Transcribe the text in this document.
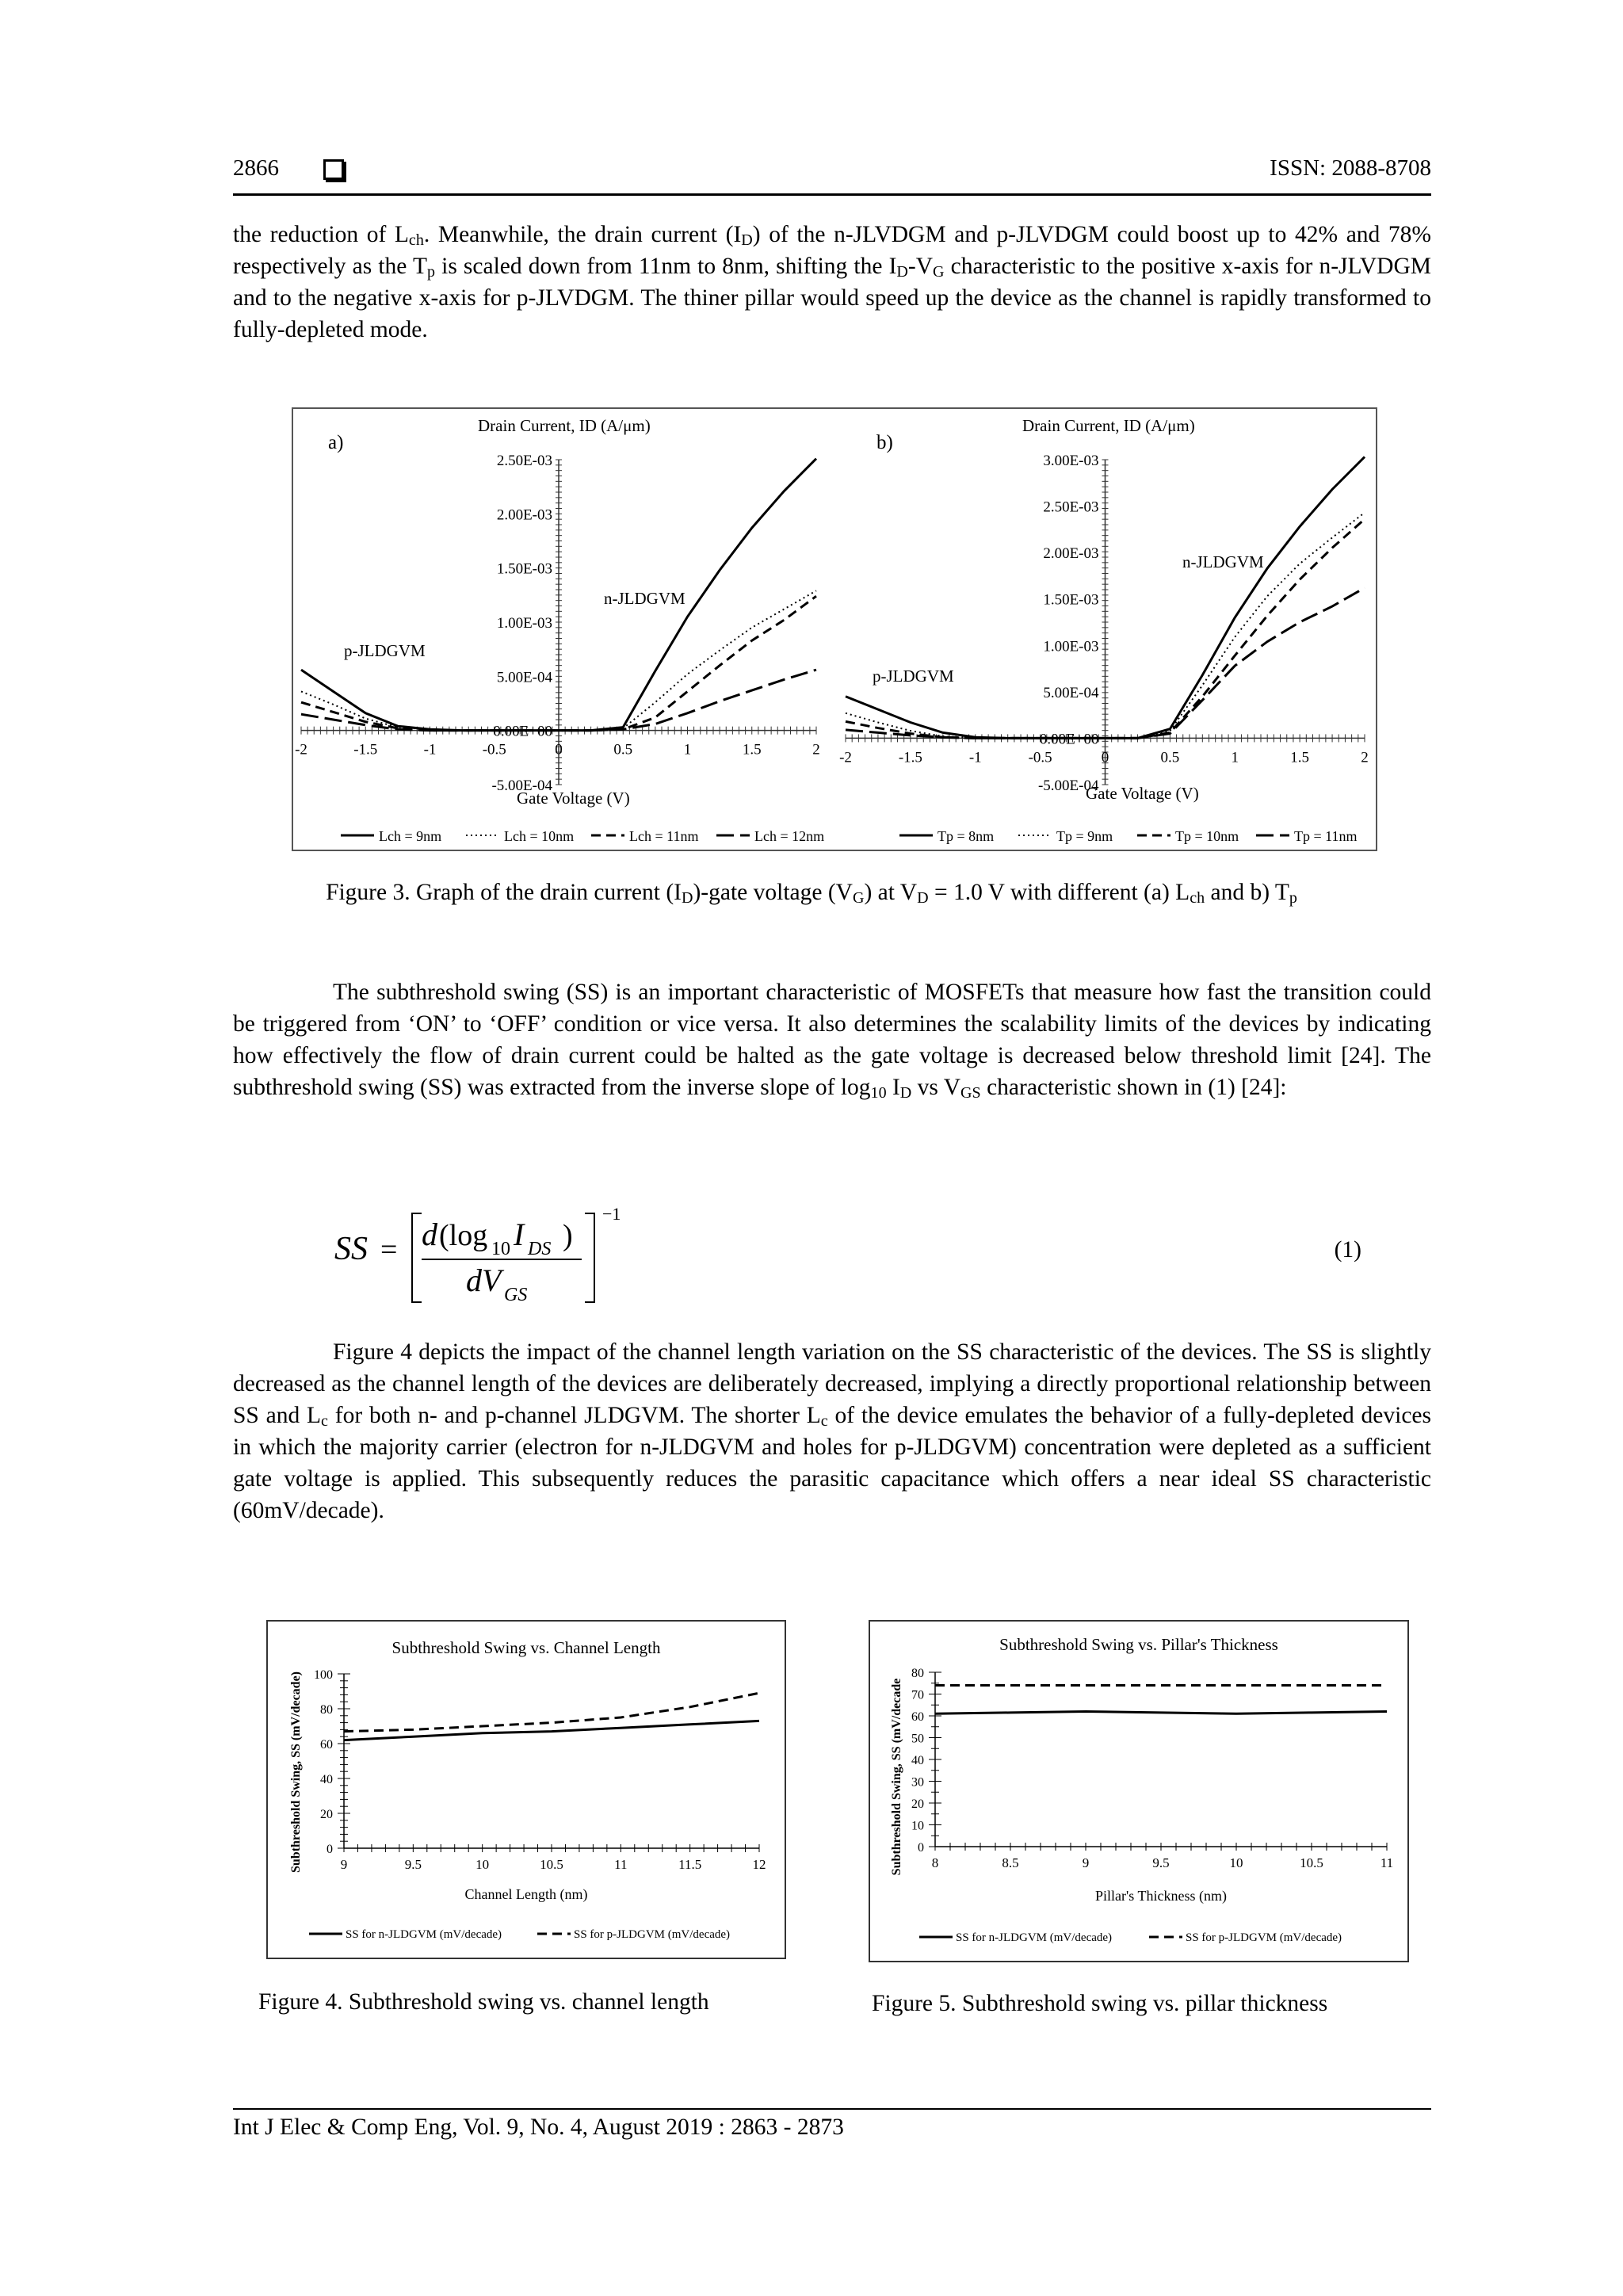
2866	ISSN: 2088-8708

the reduction of $L_{ch}$. Meanwhile, the drain current $(I_D)$ of the n-JLVDGM and p-JLVDGM could boost up to 42% and 78% respectively as the $T_p$ is scaled down from 11nm to 8nm, shifting the $I_D-V_G$ characteristic to the positive x-axis for n-JLVDGM and to the negative x-axis for p-JLVDGM. The thiner pillar would speed up the device as the channel is rapidly transformed to fully-depleted mode.

a)
Drain Current, ID (A/μm)
Gate Voltage (V)
n-JLDGVM
p-JLDGVM
2.50E-03
2.00E-03
1.50E-03
1.00E-03
5.00E-04
0.00E+00
-5.00E-04
-2	-1.5	-1	-0.5	0	0.5	1	1.5	2
b)
Drain Current, ID (A/μm)
Gate Voltage (V)
n-JLDGVM
p-JLDGVM
3.00E-03
2.50E-03
2.00E-03
1.50E-03
1.00E-03
5.00E-04
0.00E+00
-5.00E-04
-2	-1.5	-1	-0.5	0	0.5	1	1.5	2
Lch = 9nm	Lch = 10nm	Lch = 11nm	Lch = 12nm	Tp = 8nm	Tp = 9nm	Tp = 10nm	Tp = 11nm

Figure 3. Graph of the drain current $(I_D)$-gate voltage $(V_G)$ at $V_D = 1.0$ V with different (a) $L_{ch}$ and b) $T_p$

The subthreshold swing (SS) is an important characteristic of MOSFETs that measure how fast the transition could be triggered from ‘ON’ to ‘OFF’ condition or vice versa. It also determines the scalability limits of the devices by indicating how effectively the flow of drain current could be halted as the gate voltage is decreased below threshold limit [24]. The subthreshold swing (SS) was extracted from the inverse slope of $\log_{10} I_D$ vs $V_{GS}$ characteristic shown in (1) [24]:

SS =
−1
d (log 10 I DS )
dV GS
(1)

Figure 4 depicts the impact of the channel length variation on the SS characteristic of the devices. The SS is slightly decreased as the channel length of the devices are deliberately decreased, implying a directly proportional relationship between SS and $L_c$ for both n- and p-channel JLDGVM. The shorter $L_c$ of the device emulates the behavior of a fully-depleted devices in which the majority carrier (electron for n-JLDGVM and holes for p-JLDGVM) concentration were depleted as a sufficient gate voltage is applied. This subsequently reduces the parasitic capacitance which offers a near ideal SS characteristic (60mV/decade).

Subthreshold Swing vs. Channel Length
Channel Length (nm)
Subthreshold Swing, SS (mV/decade) 100
80
60
40
20
0
9	9.5	10	10.5	11	11.5	12
SS for n-JLDGVM (mV/decade)	SS for p-JLDGVM (mV/decade)
Subthreshold Swing vs. Pillar's Thickness
Pillar's Thickness (nm)
Subthreshold Swing, SS (mV/decade
80
70
60
50
40
30
20
10
0
8	8.5	9	9.5	10	10.5	11
SS for n-JLDGVM (mV/decade)	SS for p-JLDGVM (mV/decade)

Figure 4. Subthreshold swing vs. channel length	Figure 5. Subthreshold swing vs. pillar thickness

Int J Elec & Comp Eng, Vol. 9, No. 4, August 2019 : 2863 - 2873
